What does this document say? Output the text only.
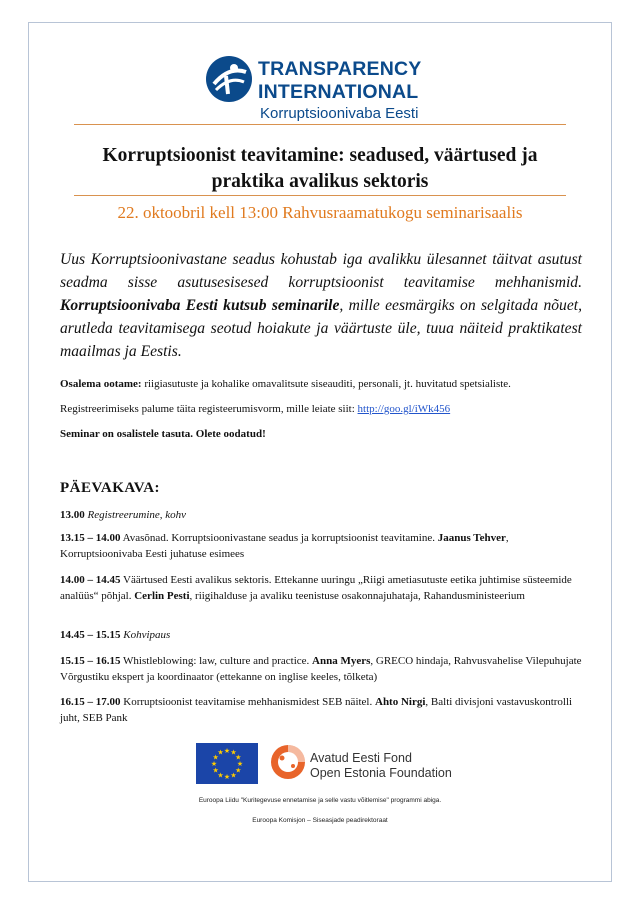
TRANSPARENCY
INTERNATIONAL
Korruptsioonivaba Eesti
Korruptsioonist teavitamine: seadused, väärtused ja
praktika avalikus sektoris
22. oktoobril kell 13:00 Rahvusraamatukogu seminarisaalis
Uus Korruptsioonivastane seadus kohustab iga avalikku ülesannet täitvat asutust seadma sisse asutusesisesed korruptsioonist teavitamise mehhanismid. Korruptsioonivaba Eesti kutsub seminarile, mille eesmärgiks on selgitada nõuet, arutleda teavitamisega seotud hoiakute ja väärtuste üle, tuua näiteid praktikatest maailmas ja Eestis.
Osalema ootame: riigiasutuste ja kohalike omavalitsute siseauditi, personali, jt. huvitatud spetsialiste.
Registreerimiseks palume täita registeerumisvorm, mille leiate siit: http://goo.gl/iWk456
Seminar on osalistele tasuta. Olete oodatud!
PÄEVAKAVA:
13.00 Registreerumine, kohv
13.15 – 14.00 Avasõnad. Korruptsioonivastane seadus ja korruptsioonist teavitamine. Jaanus Tehver, Korruptsioonivaba Eesti juhatuse esimees
14.00 – 14.45 Väärtused Eesti avalikus sektoris. Ettekanne uuringu „Riigi ametiasutuste eetika juhtimise süsteemide analüüs“ põhjal. Cerlin Pesti, riigihalduse ja avaliku teenistuse osakonnajuhataja, Rahandusministeerium
14.45 – 15.15 Kohvipaus
15.15 – 16.15 Whistleblowing: law, culture and practice. Anna Myers, GRECO hindaja, Rahvusvahelise Vilepuhujate Võrgustiku ekspert ja koordinaator (ettekanne on inglise keeles, tõlketa)
16.15 – 17.00 Korruptsioonist teavitamise mehhanismidest SEB näitel. Ahto Nirgi, Balti divisjoni vastavuskontrolli juht, SEB Pank
★ ★
★
★
★
★
★
★
★
★
★
★	Avatud Eesti Fond
Open Estonia Foundation
Euroopa Liidu "Kuritegevuse ennetamise ja selle vastu võitlemise" programmi abiga.
Euroopa Komisjon – Siseasjade peadirektoraat
